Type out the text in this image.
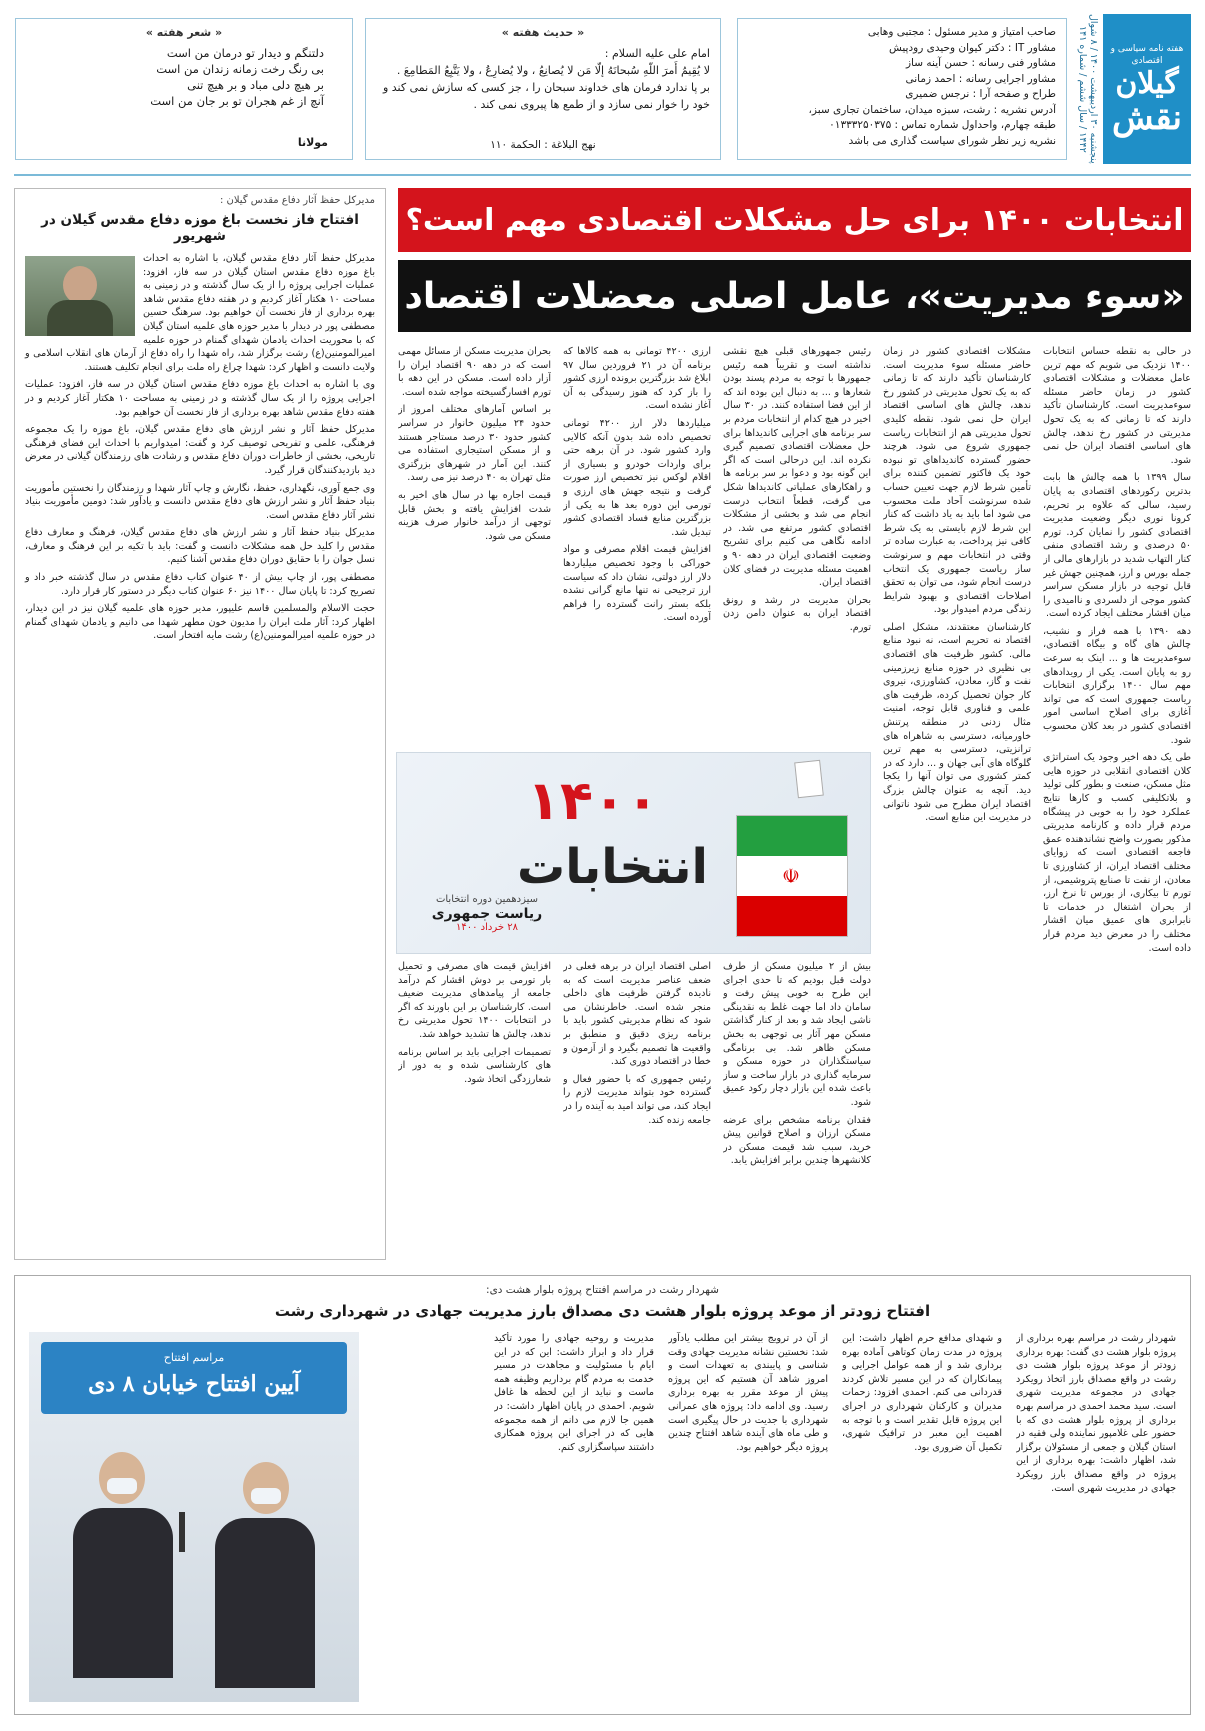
هفته نامه سیاسی و اقتصادی
گیلان
نقش
پنجشنبه ۳۰ اردیبهشت ۱۴۰۰ / ۸ شوال ۱۴۴۲ / سال ششم / شماره ۱۴۱
صاحب امتیاز و مدیر مسئول : مجتبی وهابی
مشاور IT : دکتر کیوان وحیدی رودپیش
مشاور فنی رسانه : حسن آینه ساز
مشاور اجرایی رسانه : احمد زمانی
طراح و صفحه آرا : نرجس ضمیری
آدرس نشریه : رشت، سبزه میدان، ساختمان تجاری سبز،
طبقه چهارم، واحداول شماره تماس : ۰۱۳۳۳۲۵۰۳۷۵
نشریه زیر نظر شورای سیاست گذاری می باشد
« حدیث هفته »
امام علی علیه السلام :
لا يُقِيمُ أَمرَ اللّهِ سُبحانَهُ إلّا مَن لا يُصانِعُ ، ولا يُضارِعُ ، ولا يَتَّبِعُ المَطامِعَ .
بر پا ندارد فرمان های خداوند سبحان را ، جز کسی که سازش نمی کند و خود را خوار نمی سازد و از طمع ها پیروی نمی کند .
نهج البلاغة : الحكمة ۱۱۰
« شعر هفته »
دلتنگم و دیدار تو درمان من است
بی رنگ رخت زمانه زندان من است
بر هیچ دلی مباد و بر هیچ تنی
آنچ از غم هجران تو بر جان من است
مولانا
انتخابات ۱۴۰۰ برای حل مشکلات اقتصادی مهم است؟
«سوء مدیریت»، عامل اصلی معضلات اقتصاد

در حالی به نقطه حساس انتخابات ۱۴۰۰ نزدیک می شویم که مهم ترین عامل معضلات و مشکلات اقتصادی کشور در زمان حاضر مسئله سوءمدیریت است. کارشناسان تأکید دارند که تا زمانی که به یک تحول مدیریتی در کشور رخ ندهد، چالش های اساسی اقتصاد ایران حل نمی شود.

سال ۱۳۹۹ با همه چالش ها بابت بدترین رکوردهای اقتصادی به پایان رسید، سالی که علاوه بر تحریم، کرونا نوری دیگر وضعیت مدیریت اقتصادی کشور را نمایان کرد. تورم ۵۰ درصدی و رشد اقتصادی منفی کنار التهاب شدید در بازارهای مالی از جمله بورس و ارز، همچنین جهش غیر قابل توجیه در بازار مسکن سراسر کشور موجی از دلسردی و ناامیدی را میان اقشار مختلف ایجاد کرده است.

دهه ۱۳۹۰ با همه فراز و نشیب، چالش های گاه و بیگاه اقتصادی، سوءمدیریت ها و ... اینک به سرعت رو به پایان است. یکی از رویدادهای مهم سال ۱۴۰۰ برگزاری انتخابات ریاست جمهوری است که می تواند آغازی برای اصلاح اساسی امور اقتصادی کشور در بعد کلان محسوب شود.

طی یک دهه اخیر وجود یک استراتژی کلان اقتصادی انقلابی در حوزه هایی مثل مسکن، صنعت و بطور کلی تولید و بلاتکلیفی کسب و کارها نتایج عملکرد خود را به خوبی در پیشگاه مردم قرار داده و کارنامه مدیریتی مذکور بصورت واضح نشاندهنده عمق فاجعه اقتصادی است که زوایای مختلف اقتصاد ایران، از کشاورزی تا معادن، از نفت تا صنایع پتروشیمی، از تورم تا بیکاری، از بورس تا نرخ ارز، از بحران اشتغال در خدمات تا نابرابری های عمیق میان اقشار مختلف را در معرض دید مردم قرار داده است.

مشکلات اقتصادی کشور در زمان حاضر مسئله سوء مدیریت است. کارشناسان تأکید دارند که تا زمانی که به یک تحول مدیریتی در کشور رخ ندهد، چالش های اساسی اقتصاد ایران حل نمی شود. نقطه کلیدی تحول مدیریتی هم از انتخابات ریاست جمهوری شروع می شود. هرچند حضور گسترده کاندیداهای تو نبوده خود یک فاکتور تضمین کننده برای تأمین شرط لازم جهت تعیین حساب شده سرنوشت آحاد ملت محسوب می شود اما باید به یاد داشت که کنار این شرط لازم بایستی به یک شرط کافی نیز پرداخت، به عبارت ساده تر وقتی در انتخابات مهم و سرنوشت ساز ریاست جمهوری یک انتخاب درست انجام شود، می توان به تحقق اصلاحات اقتصادی و بهبود شرایط زندگی مردم امیدوار بود.

کارشناسان معتقدند، مشکل اصلی اقتصاد نه تحریم است، نه نبود منابع مالی. کشور ظرفیت های اقتصادی بی نظیری در حوزه منابع زیرزمینی نفت و گاز، معادن، کشاورزی، نیروی کار جوان تحصیل کرده، ظرفیت های علمی و فناوری قابل توجه، امنیت مثال زدنی در منطقه پرتنش خاورمیانه، دسترسی به شاهراه های ترانزیتی، دسترسی به مهم ترین گلوگاه های آبی جهان و ... دارد که در کمتر کشوری می توان آنها را یکجا دید. آنچه به عنوان چالش بزرگ اقتصاد ایران مطرح می شود ناتوانی در مدیریت این منابع است.

رئیس جمهورهای قبلی هیچ نقشی نداشته است و تقریباً همه رئیس جمهورها با توجه به مردم پسند بودن شعارها و ... به دنبال این بوده اند که از این فضا استفاده کنند. در ۳۰ سال اخیر در هیچ کدام از انتخابات مردم بر سر برنامه های اجرایی کاندیداها برای حل معضلات اقتصادی تصمیم گیری نکرده اند. این درحالی است که اگر این گونه بود و دعوا بر سر برنامه ها و راهکارهای عملیاتی کاندیداها شکل می گرفت، قطعاً انتخاب درست انجام می شد و بخشی از مشکلات اقتصادی کشور مرتفع می شد. در ادامه نگاهی می کنیم برای تشریح وضعیت اقتصادی ایران در دهه ۹۰ و اهمیت مسئله مدیریت در فضای کلان اقتصاد ایران.

بحران مدیریت در رشد و رونق اقتصاد ایران به عنوان دامن زدن تورم.

ارزی ۴۲۰۰ تومانی به همه کالاها که برنامه آن در ۲۱ فروردین سال ۹۷ ابلاغ شد بزرگترین برونده ارزی کشور را باز کرد که هنوز رسیدگی به آن آغاز نشده است.

میلیاردها دلار ارز ۴۲۰۰ تومانی تخصیص داده شد بدون آنکه کالایی وارد کشور شود. در آن برهه حتی برای واردات خودرو و بسیاری از اقلام لوکس نیز تخصیص ارز صورت گرفت و نتیجه جهش های ارزی و تورمی این دوره بعد ها به یکی از بزرگترین منابع فساد اقتصادی کشور تبدیل شد.

افزایش قیمت اقلام مصرفی و مواد خوراکی با وجود تخصیص میلیاردها دلار ارز دولتی، نشان داد که سیاست ارز ترجیحی نه تنها مانع گرانی نشده بلکه بستر رانت گسترده را فراهم آورده است.

بحران مدیریت مسکن از مسائل مهمی است که در دهه ۹۰ اقتصاد ایران را آزار داده است. مسکن در این دهه با تورم افسارگسیخته مواجه شده است.

بر اساس آمارهای مختلف امروز از حدود ۲۴ میلیون خانوار در سراسر کشور حدود ۳۰ درصد مستاجر هستند و از مسکن استیجاری استفاده می کنند. این آمار در شهرهای بزرگتری مثل تهران به ۴۰ درصد نیز می رسد.

قیمت اجاره بها در سال های اخیر به شدت افزایش یافته و بخش قابل توجهی از درآمد خانوار صرف هزینه مسکن می شود.

☫
۱۴۰۰
انتخابات
سیزدهمین دوره انتخابات
ریاست جمهوری
۲۸ خرداد ۱۴۰۰

بیش از ۲ میلیون مسکن از طرف دولت قبل بودیم که تا حدی اجرای این طرح به خوبی پیش رفت و سامان داد اما جهت غلط به نقدینگی ناشی ایجاد شد و بعد از کنار گذاشتن مسکن مهر آثار بی توجهی به بخش مسکن ظاهر شد. بی برنامگی سیاستگذاران در حوزه مسکن و سرمایه گذاری در بازار ساخت و ساز باعث شده این بازار دچار رکود عمیق شود.

فقدان برنامه مشخص برای عرضه مسکن ارزان و اصلاح قوانین پیش خرید، سبب شد قیمت مسکن در کلانشهرها چندین برابر افزایش یابد.

اصلی اقتصاد ایران در برهه فعلی در ضعف عناصر مدیریت است که به نادیده گرفتن ظرفیت های داخلی منجر شده است. خاطرنشان می شود که نظام مدیریتی کشور باید با برنامه ریزی دقیق و منطبق بر واقعیت ها تصمیم بگیرد و از آزمون و خطا در اقتصاد دوری کند.

رئیس جمهوری که با حضور فعال و گسترده خود بتواند مدیریت لازم را ایجاد کند، می تواند امید به آینده را در جامعه زنده کند.

افزایش قیمت های مصرفی و تحمیل بار تورمی بر دوش اقشار کم درآمد جامعه از پیامدهای مدیریت ضعیف است. کارشناسان بر این باورند که اگر در انتخابات ۱۴۰۰ تحول مدیریتی رخ ندهد، چالش ها تشدید خواهد شد.

تصمیمات اجرایی باید بر اساس برنامه های کارشناسی شده و به دور از شعارزدگی اتخاذ شود.

مدیرکل حفظ آثار دفاع مقدس گیلان :
افتتاح فاز نخست باغ موزه دفاع مقدس گیلان در شهریور

مدیرکل حفظ آثار دفاع مقدس گیلان، با اشاره به احداث باغ موزه دفاع مقدس استان گیلان در سه فاز، افزود: عملیات اجرایی پروژه را از یک سال گذشته و در زمینی به مساحت ۱۰ هکتار آغاز کردیم و در هفته دفاع مقدس شاهد بهره برداری از فاز نخست آن خواهیم بود. سرهنگ حسین مصطفی پور در دیدار با مدیر حوزه های علمیه استان گیلان که با محوریت احداث یادمان شهدای گمنام در حوزه علمیه امیرالمومنین(ع) رشت برگزار شد، راه شهدا را راه دفاع از آرمان های انقلاب اسلامی و ولایت دانست و اظهار کرد: شهدا چراغ راه ملت برای انجام تکلیف هستند.

وی با اشاره به احداث باغ موزه دفاع مقدس استان گیلان در سه فاز، افزود: عملیات اجرایی پروژه را از یک سال گذشته و در زمینی به مساحت ۱۰ هکتار آغاز کردیم و در هفته دفاع مقدس شاهد بهره برداری از فاز نخست آن خواهیم بود.

مدیرکل حفظ آثار و نشر ارزش های دفاع مقدس گیلان، باغ موزه را یک مجموعه فرهنگی، علمی و تفریحی توصیف کرد و گفت: امیدواریم با احداث این فضای فرهنگی تاریخی، بخشی از خاطرات دوران دفاع مقدس و رشادت های رزمندگان گیلانی در معرض دید بازدیدکنندگان قرار گیرد.

وی جمع آوری، نگهداری، حفظ، نگارش و چاپ آثار شهدا و رزمندگان را نخستین مأموریت بنیاد حفظ آثار و نشر ارزش های دفاع مقدس دانست و یادآور شد: دومین مأموریت بنیاد نشر آثار دفاع مقدس است.

مدیرکل بنیاد حفظ آثار و نشر ارزش های دفاع مقدس گیلان، فرهنگ و معارف دفاع مقدس را کلید حل همه مشکلات دانست و گفت: باید با تکیه بر این فرهنگ و معارف، نسل جوان را با حقایق دوران دفاع مقدس آشنا کنیم.

مصطفی پور، از چاپ بیش از ۴۰ عنوان کتاب دفاع مقدس در سال گذشته خبر داد و تصریح کرد: تا پایان سال ۱۴۰۰ نیز ۶۰ عنوان کتاب دیگر در دستور کار قرار دارد.

حجت الاسلام والمسلمین قاسم علیپور، مدیر حوزه های علمیه گیلان نیز در این دیدار، اظهار کرد: آثار ملت ایران را مدیون خون مطهر شهدا می دانیم و یادمان شهدای گمنام در حوزه علمیه امیرالمومنین(ع) رشت مایه افتخار است.

شهردار رشت در مراسم افتتاح پروژه بلوار هشت دی:
افتتاح زودتر از موعد پروژه بلوار هشت دی مصداق بارز مدیریت جهادی در شهرداری رشت

شهردار رشت در مراسم بهره برداری از پروژه بلوار هشت دی گفت: بهره برداری زودتر از موعد پروژه بلوار هشت دی رشت در واقع مصداق بارز اتخاذ رویکرد جهادی در مجموعه مدیریت شهری است. سید محمد احمدی در مراسم بهره برداری از پروژه بلوار هشت دی که با حضور علی غلامپور نماینده ولی فقیه در استان گیلان و جمعی از مسئولان برگزار شد، اظهار داشت: بهره برداری از این پروژه در واقع مصداق بارز رویکرد جهادی در مدیریت شهری است.

و شهدای مدافع حرم اظهار داشت: این پروژه در مدت زمان کوتاهی آماده بهره برداری شد و از همه عوامل اجرایی و پیمانکاران که در این مسیر تلاش کردند قدردانی می کنم. احمدی افزود: زحمات مدیران و کارکنان شهرداری در اجرای این پروژه قابل تقدیر است و با توجه به اهمیت این معبر در ترافیک شهری، تکمیل آن ضروری بود.

از آن در ترویج بیشتر این مطلب یادآور شد: نخستین نشانه مدیریت جهادی وقت شناسی و پایبندی به تعهدات است و امروز شاهد آن هستیم که این پروژه پیش از موعد مقرر به بهره برداری رسید. وی ادامه داد: پروژه های عمرانی شهرداری با جدیت در حال پیگیری است و طی ماه های آینده شاهد افتتاح چندین پروژه دیگر خواهیم بود.

مدیریت و روحیه جهادی را مورد تأکید قرار داد و ابراز داشت: این که در این ایام با مسئولیت و مجاهدت در مسیر خدمت به مردم گام برداریم وظیفه همه ماست و نباید از این لحظه ها غافل شویم. احمدی در پایان اظهار داشت: در همین جا لازم می دانم از همه مجموعه هایی که در اجرای این پروژه همکاری داشتند سپاسگزاری کنم.

مراسم افتتاح
آیین افتتاح خیابان ۸ دی
